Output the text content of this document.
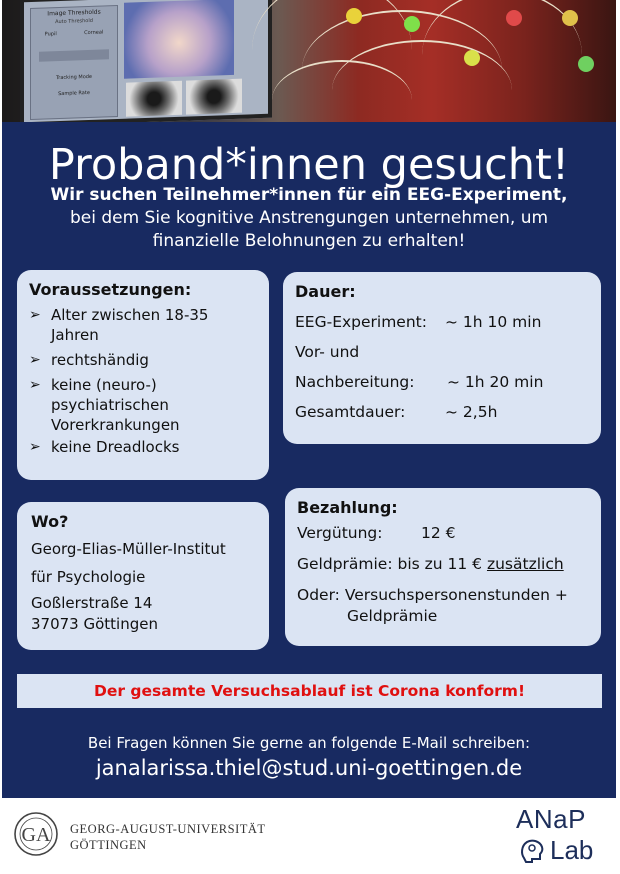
Image Thresholds
Auto Threshold
Pupil	Corneal
Tracking Mode
Sample Rate
Proband*innen gesucht!
Wir suchen Teilnehmer*innen für ein EEG-Experiment,
bei dem Sie kognitive Anstrengungen unternehmen, um
finanzielle Belohnungen zu erhalten!
Voraussetzungen:
➢ Alter zwischen 18-35 Jahren
➢ rechtshändig
➢ keine (neuro-) psychiatrischen Vorerkrankungen
➢ keine Dreadlocks
Dauer:
EEG-Experiment: ~ 1h 10 min
Vor- und
Nachbereitung: ~ 1h 20 min
Gesamtdauer:	~ 2,5h
Wo?
Georg-Elias-Müller-Institut
für Psychologie
Goßlerstraße 14
37073 Göttingen
Bezahlung:
Vergütung: 12 €
Geldprämie: bis zu 11 € zusätzlich
Oder: Versuchspersonenstunden +
Geldprämie
Der gesamte Versuchsablauf ist Corona konform!
Bei Fragen können Sie gerne an folgende E-Mail schreiben:
janalarissa.thiel@stud.uni-goettingen.de
GA GEORG-AUGUST-UNIVERSITÄT
GÖTTINGEN
ANaP
Lab
